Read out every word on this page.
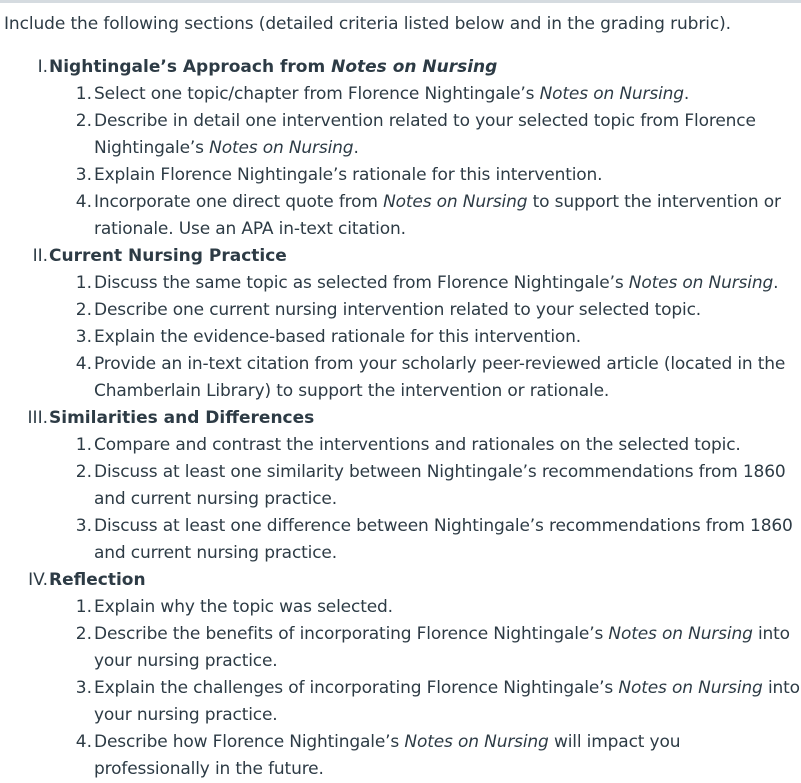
Include the following sections (detailed criteria listed below and in the grading rubric).
I. Nightingale’s Approach from Notes on Nursing
1. Select one topic/chapter from Florence Nightingale’s Notes on Nursing.
2. Describe in detail one intervention related to your selected topic from Florence Nightingale’s Notes on Nursing.
3. Explain Florence Nightingale’s rationale for this intervention.
4. Incorporate one direct quote from Notes on Nursing to support the intervention or rationale. Use an APA in-text citation.
II. Current Nursing Practice
1. Discuss the same topic as selected from Florence Nightingale’s Notes on Nursing.
2. Describe one current nursing intervention related to your selected topic.
3. Explain the evidence-based rationale for this intervention.
4. Provide an in-text citation from your scholarly peer-reviewed article (located in the Chamberlain Library) to support the intervention or rationale.
III. Similarities and Differences
1. Compare and contrast the interventions and rationales on the selected topic.
2. Discuss at least one similarity between Nightingale’s recommendations from 1860 and current nursing practice.
3. Discuss at least one difference between Nightingale’s recommendations from 1860 and current nursing practice.
IV. Reflection
1. Explain why the topic was selected.
2. Describe the benefits of incorporating Florence Nightingale’s Notes on Nursing into your nursing practice.
3. Explain the challenges of incorporating Florence Nightingale’s Notes on Nursing into your nursing practice.
4. Describe how Florence Nightingale’s Notes on Nursing will impact you professionally in the future.
